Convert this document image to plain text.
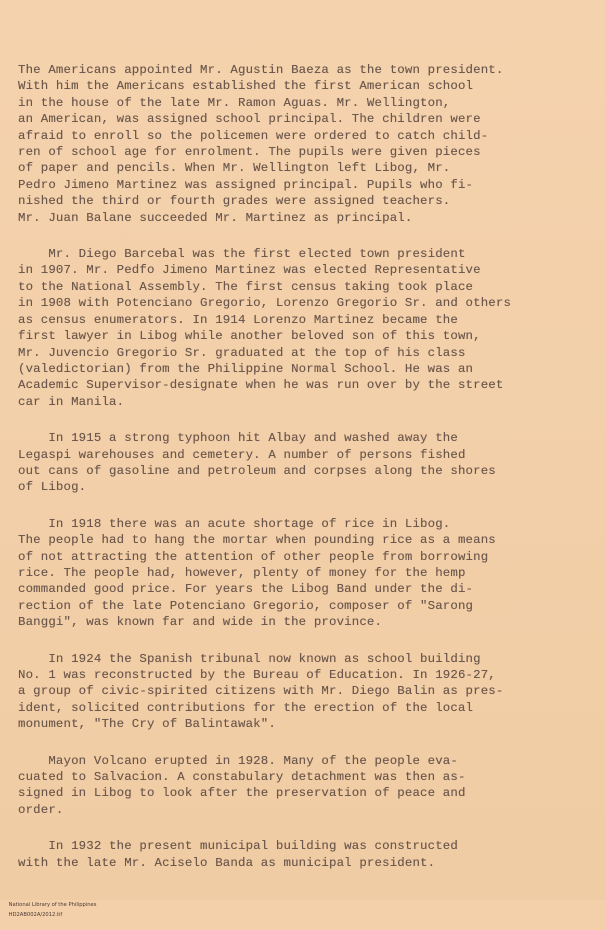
The Americans appointed Mr. Agustin Baeza as the town president.
With him the Americans established the first American school
in the house of the late Mr. Ramon Aguas. Mr. Wellington,
an American, was assigned school principal. The children were
afraid to enroll so the policemen were ordered to catch child-
ren of school age for enrolment. The pupils were given pieces
of paper and pencils. When Mr. Wellington left Libog, Mr.
Pedro Jimeno Martinez was assigned principal. Pupils who fi-
nished the third or fourth grades were assigned teachers.
Mr. Juan Balane succeeded Mr. Martinez as principal.

Mr. Diego Barcebal was the first elected town president
in 1907. Mr. Pedfo Jimeno Martinez was elected Representative
to the National Assembly. The first census taking took place
in 1908 with Potenciano Gregorio, Lorenzo Gregorio Sr. and others
as census enumerators. In 1914 Lorenzo Martinez became the
first lawyer in Libog while another beloved son of this town,
Mr. Juvencio Gregorio Sr. graduated at the top of his class
(valedictorian) from the Philippine Normal School. He was an
Academic Supervisor-designate when he was run over by the street
car in Manila.

In 1915 a strong typhoon hit Albay and washed away the
Legaspi warehouses and cemetery. A number of persons fished
out cans of gasoline and petroleum and corpses along the shores
of Libog.

In 1918 there was an acute shortage of rice in Libog.
The people had to hang the mortar when pounding rice as a means
of not attracting the attention of other people from borrowing
rice. The people had, however, plenty of money for the hemp
commanded good price. For years the Libog Band under the di-
rection of the late Potenciano Gregorio, composer of "Sarong
Banggi", was known far and wide in the province.

In 1924 the Spanish tribunal now known as school building
No. 1 was reconstructed by the Bureau of Education. In 1926-27,
a group of civic-spirited citizens with Mr. Diego Balin as pres-
ident, solicited contributions for the erection of the local
monument, "The Cry of Balintawak".

Mayon Volcano erupted in 1928. Many of the people eva-
cuated to Salvacion. A constabulary detachment was then as-
signed in Libog to look after the preservation of peace and
order.

In 1932 the present municipal building was constructed
with the late Mr. Aciselo Banda as municipal president.

National Library of the Philippines
HD2AB002A/2012.tif
